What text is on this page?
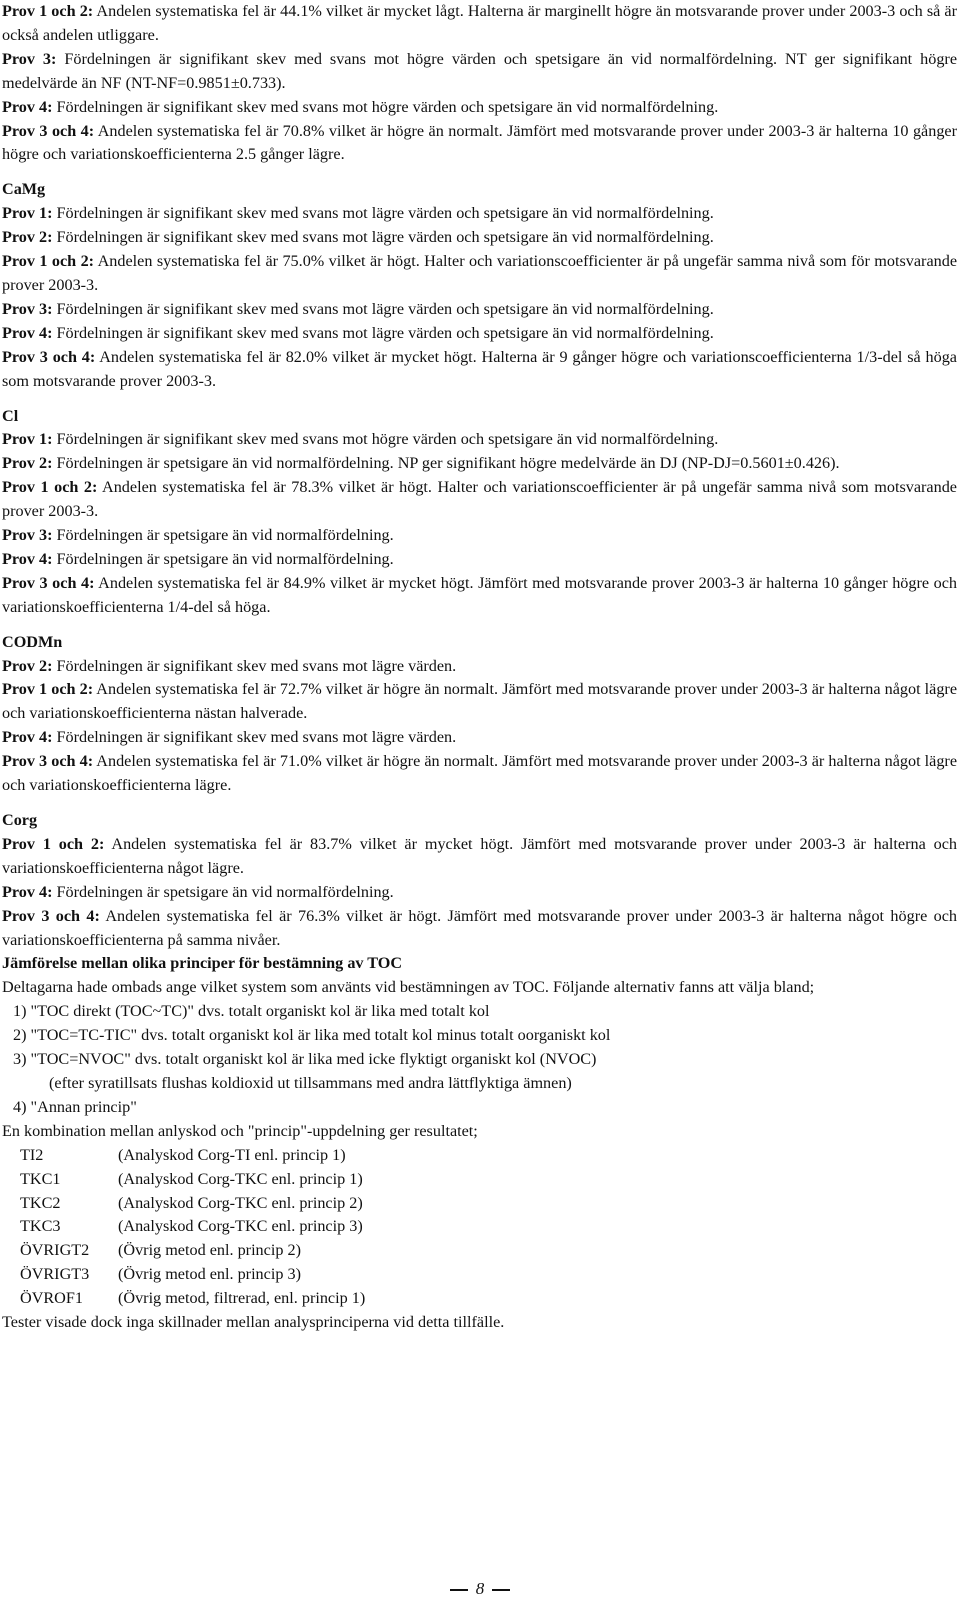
Prov 1 och 2: Andelen systematiska fel är 44.1% vilket är mycket lågt. Halterna är marginellt högre än motsvarande prover under 2003-3 och så är också andelen utliggare.

Prov 3: Fördelningen är signifikant skev med svans mot högre värden och spetsigare än vid normalfördelning. NT ger signifikant högre medelvärde än NF (NT-NF=0.9851±0.733).

Prov 4: Fördelningen är signifikant skev med svans mot högre värden och spetsigare än vid normalfördelning.

Prov 3 och 4: Andelen systematiska fel är 70.8% vilket är högre än normalt. Jämfört med motsvarande prover under 2003-3 är halterna 10 gånger högre och variationskoefficienterna 2.5 gånger lägre.

CaMg

Prov 1: Fördelningen är signifikant skev med svans mot lägre värden och spetsigare än vid normalfördelning.

Prov 2: Fördelningen är signifikant skev med svans mot lägre värden och spetsigare än vid normalfördelning.

Prov 1 och 2: Andelen systematiska fel är 75.0% vilket är högt. Halter och variationscoefficienter är på ungefär samma nivå som för motsvarande prover 2003-3.

Prov 3: Fördelningen är signifikant skev med svans mot lägre värden och spetsigare än vid normalfördelning.

Prov 4: Fördelningen är signifikant skev med svans mot lägre värden och spetsigare än vid normalfördelning.

Prov 3 och 4: Andelen systematiska fel är 82.0% vilket är mycket högt. Halterna är 9 gånger högre och variationscoefficienterna 1/3-del så höga som motsvarande prover 2003-3.

Cl

Prov 1: Fördelningen är signifikant skev med svans mot högre värden och spetsigare än vid normalfördelning.

Prov 2: Fördelningen är spetsigare än vid normalfördelning. NP ger signifikant högre medelvärde än DJ (NP-DJ=0.5601±0.426).

Prov 1 och 2: Andelen systematiska fel är 78.3% vilket är högt. Halter och variationscoefficienter är på ungefär samma nivå som motsvarande prover 2003-3.

Prov 3: Fördelningen är spetsigare än vid normalfördelning.

Prov 4: Fördelningen är spetsigare än vid normalfördelning.

Prov 3 och 4: Andelen systematiska fel är 84.9% vilket är mycket högt. Jämfört med motsvarande prover 2003-3 är halterna 10 gånger högre och variationskoefficienterna 1/4-del så höga.

CODMn

Prov 2: Fördelningen är signifikant skev med svans mot lägre värden.

Prov 1 och 2: Andelen systematiska fel är 72.7% vilket är högre än normalt. Jämfört med motsvarande prover under 2003-3 är halterna något lägre och variationskoefficienterna nästan halverade.

Prov 4: Fördelningen är signifikant skev med svans mot lägre värden.

Prov 3 och 4: Andelen systematiska fel är 71.0% vilket är högre än normalt. Jämfört med motsvarande prover under 2003-3 är halterna något lägre och variationskoefficienterna lägre.

Corg

Prov 1 och 2: Andelen systematiska fel är 83.7% vilket är mycket högt. Jämfört med motsvarande prover under 2003-3 är halterna och variationskoefficienterna något lägre.

Prov 4: Fördelningen är spetsigare än vid normalfördelning.

Prov 3 och 4: Andelen systematiska fel är 76.3% vilket är högt. Jämfört med motsvarande prover under 2003-3 är halterna något högre och variationskoefficienterna på samma nivåer.

Jämförelse mellan olika principer för bestämning av TOC

Deltagarna hade ombads ange vilket system som använts vid bestämningen av TOC. Följande alternativ fanns att välja bland;

1) "TOC direkt (TOC~TC)" dvs. totalt organiskt kol är lika med totalt kol
2) "TOC=TC-TIC" dvs. totalt organiskt kol är lika med totalt kol minus totalt oorganiskt kol
3) "TOC=NVOC" dvs. totalt organiskt kol är lika med icke flyktigt organiskt kol (NVOC)
(efter syratillsats flushas koldioxid ut tillsammans med andra lättflyktiga ämnen)
4) "Annan princip"

En kombination mellan anlyskod och "princip"-uppdelning ger resultatet;

TI2	(Analyskod Corg-TI enl. princip 1)
TKC1	(Analyskod Corg-TKC enl. princip 1)
TKC2	(Analyskod Corg-TKC enl. princip 2)
TKC3	(Analyskod Corg-TKC enl. princip 3)
ÖVRIGT2	(Övrig metod enl. princip 2)
ÖVRIGT3	(Övrig metod enl. princip 3)
ÖVROF1	(Övrig metod, filtrerad, enl. princip 1)

Tester visade dock inga skillnader mellan analysprinciperna vid detta tillfälle.

8
